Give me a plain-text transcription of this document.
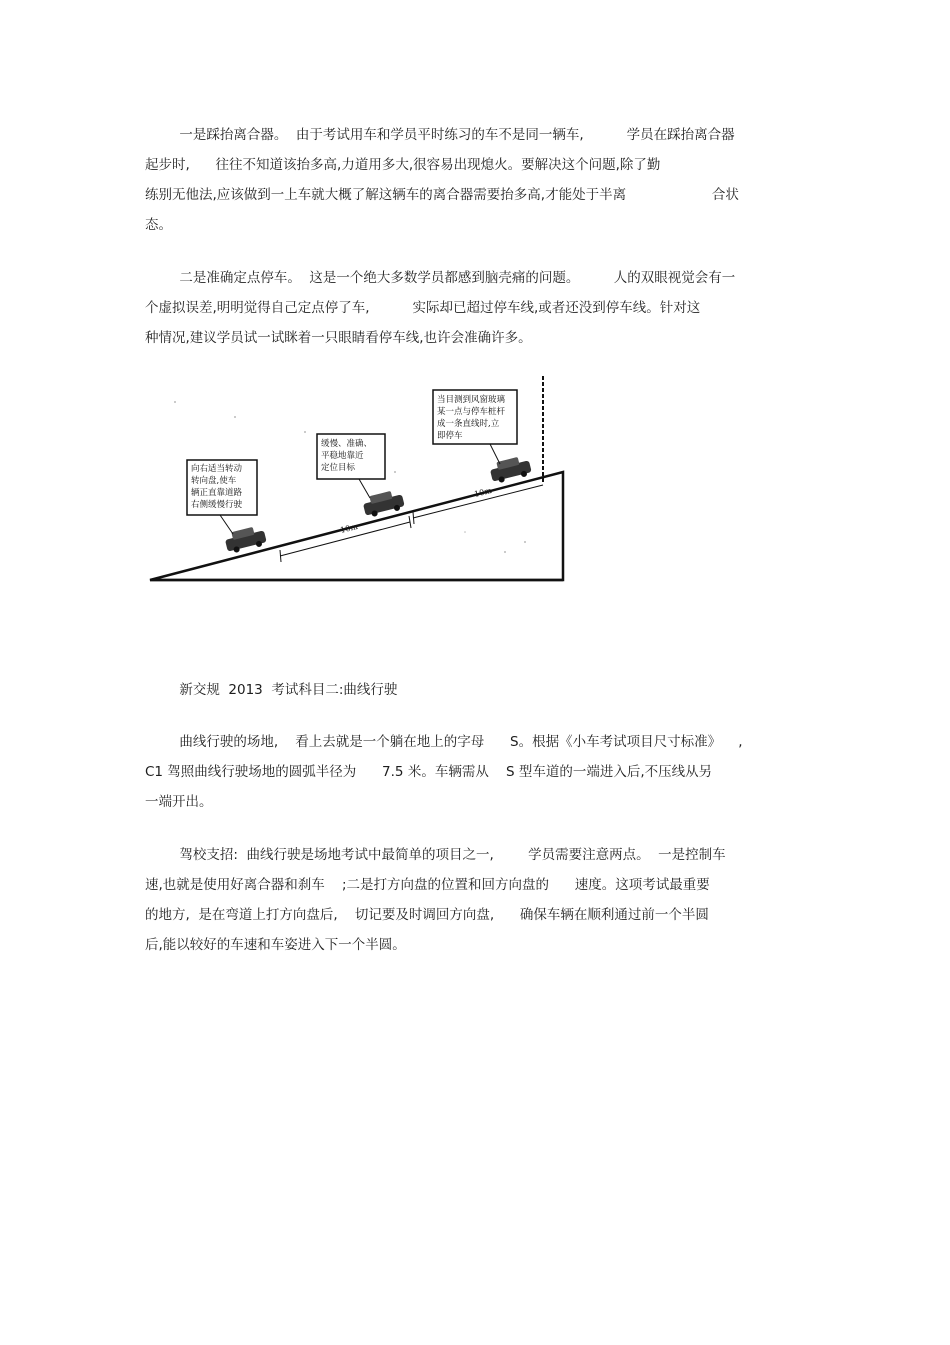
一是踩抬离合器。  由于考试用车和学员平时练习的车不是同一辆车,          学员在踩抬离合器
起步时,      往往不知道该抬多高,力道用多大,很容易出现熄火。要解决这个问题,除了勤
练别无他法,应该做到一上车就大概了解这辆车的离合器需要抬多高,才能处于半离                    合状
态。
二是准确定点停车。  这是一个绝大多数学员都感到脑壳痛的问题。        人的双眼视觉会有一
个虚拟误差,明明觉得自己定点停了车,          实际却已超过停车线,或者还没到停车线。针对这
种情况,建议学员试一试眯着一只眼睛看停车线,也许会准确许多。
10m
10m
向右适当转动
转向盘,使车
辆正直靠道路
右侧缓慢行驶
缓慢、准确、
平稳地靠近
定位目标
当目测到风窗玻璃
某一点与停车桩杆
成一条直线时,立
即停车
新交规  2013  考试科目二:曲线行驶
曲线行驶的场地,    看上去就是一个躺在地上的字母      S。根据《小车考试项目尺寸标准》    ,
C1 驾照曲线行驶场地的圆弧半径为      7.5 米。车辆需从    S 型车道的一端进入后,不压线从另
一端开出。
驾校支招:  曲线行驶是场地考试中最简单的项目之一,        学员需要注意两点。  一是控制车
速,也就是使用好离合器和刹车    ;二是打方向盘的位置和回方向盘的      速度。这项考试最重要
的地方,  是在弯道上打方向盘后,    切记要及时调回方向盘,      确保车辆在顺利通过前一个半圆
后,能以较好的车速和车姿进入下一个半圆。
